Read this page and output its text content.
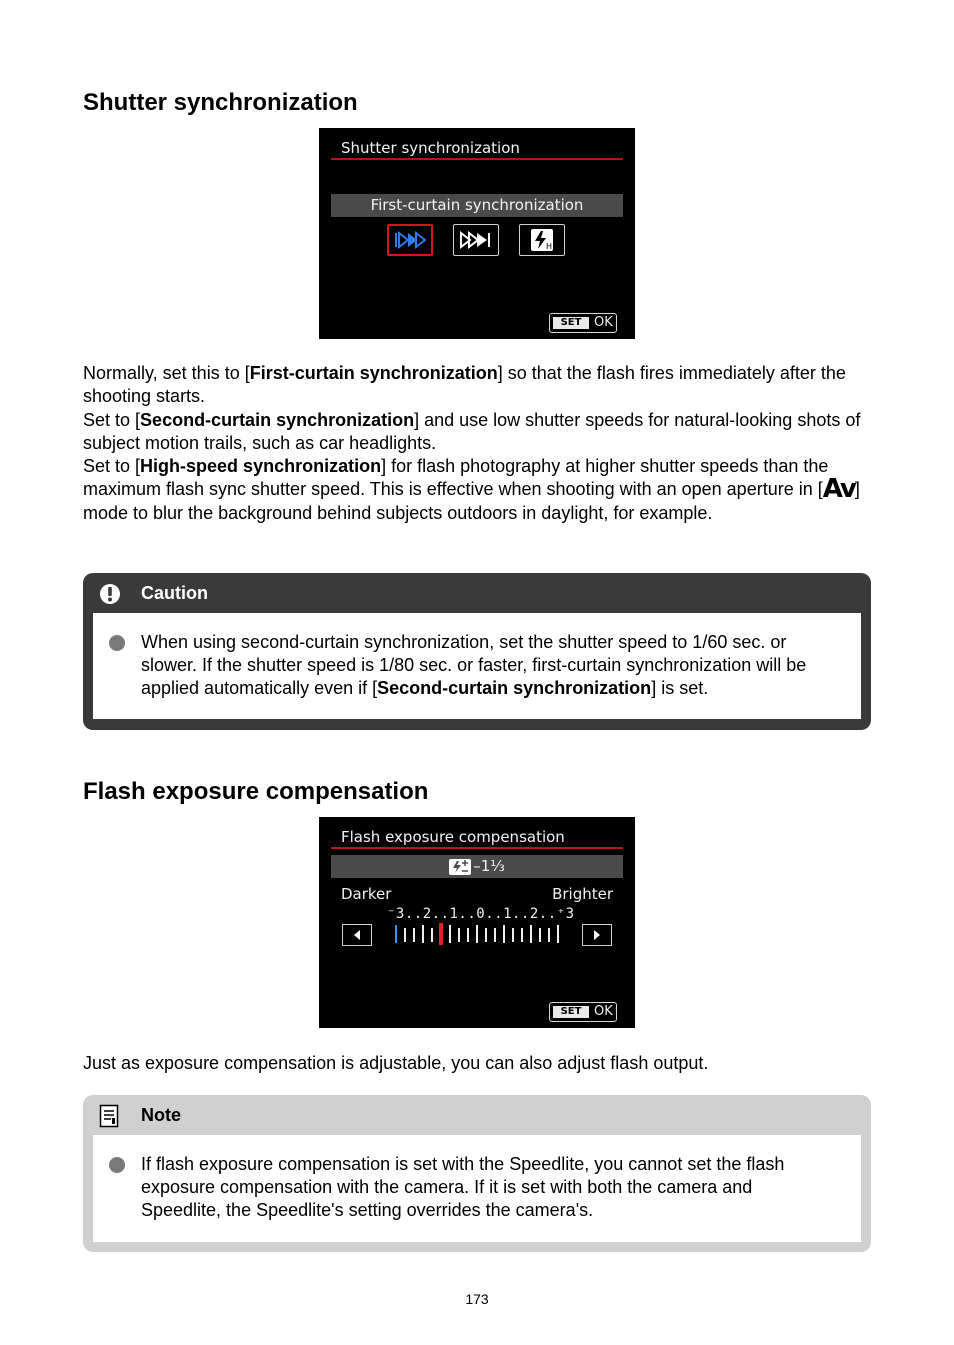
Shutter synchronization
Shutter synchronization
First-curtain synchronization
H
SET OK

Normally, set this to [First-curtain synchronization] so that the flash fires immediately after the shooting starts.

Set to [Second-curtain synchronization] and use low shutter speeds for natural-looking shots of subject motion trails, such as car headlights.

Set to [High-speed synchronization] for flash photography at higher shutter speeds than the maximum flash sync shutter speed. This is effective when shooting with an open aperture in [Av] mode to blur the background behind subjects outdoors in daylight, for example.

Caution

When using second-curtain synchronization, set the shutter speed to 1/60 sec. or slower. If the shutter speed is 1/80 sec. or faster, first-curtain synchronization will be applied automatically even if [Second-curtain synchronization] is set.

Flash exposure compensation
Flash exposure compensation
–1⅓
Darker	Brighter
⁻3..2..1..0..1..2..⁺3
SET OK

Just as exposure compensation is adjustable, you can also adjust flash output.

Note

If flash exposure compensation is set with the Speedlite, you cannot set the flash exposure compensation with the camera. If it is set with both the camera and Speedlite, the Speedlite's setting overrides the camera's.

173
